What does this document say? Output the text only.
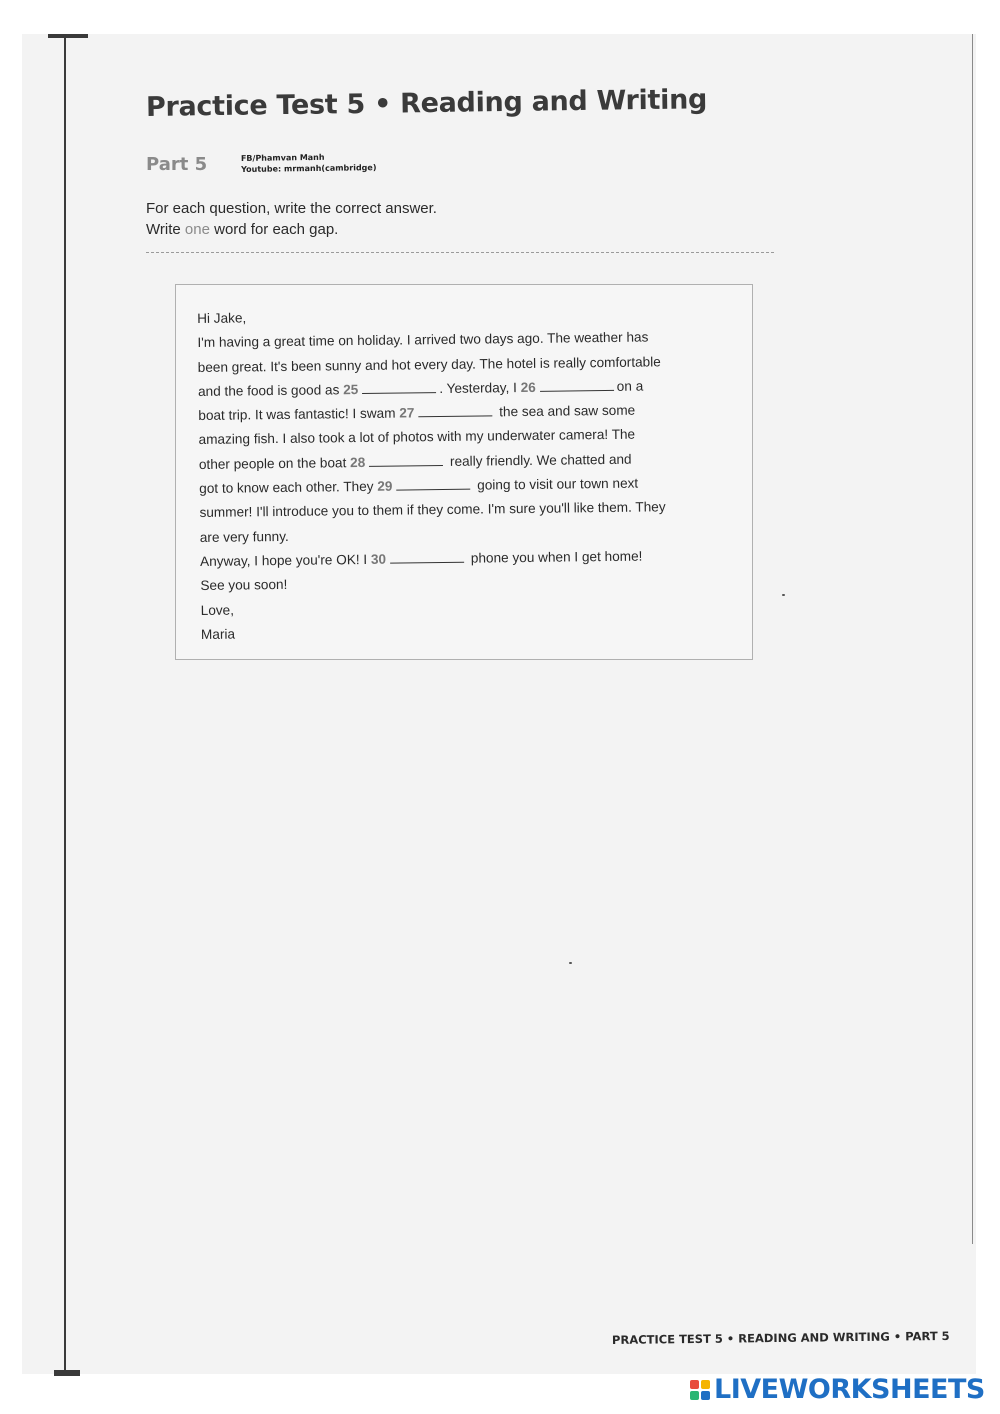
Practice Test 5 • Reading and Writing
Part 5	FB/Phamvan Manh
Youtube: mrmanh(cambridge)
For each question, write the correct answer.
Write one word for each gap.
Hi Jake,
I'm having a great time on holiday. I arrived two days ago. The weather has
been great. It's been sunny and hot every day. The hotel is really comfortable
and the food is good as 25	. Yesterday, I 26	on a
boat trip. It was fantastic! I swam 27	the sea and saw some
amazing fish. I also took a lot of photos with my underwater camera! The
other people on the boat 28	really friendly. We chatted and
got to know each other. They 29	going to visit our town next
summer! I'll introduce you to them if they come. I'm sure you'll like them. They
are very funny.
Anyway, I hope you're OK! I 30	phone you when I get home!
See you soon!
Love,
Maria
PRACTICE TEST 5 • READING AND WRITING • PART 5
LIVEWORKSHEETS
